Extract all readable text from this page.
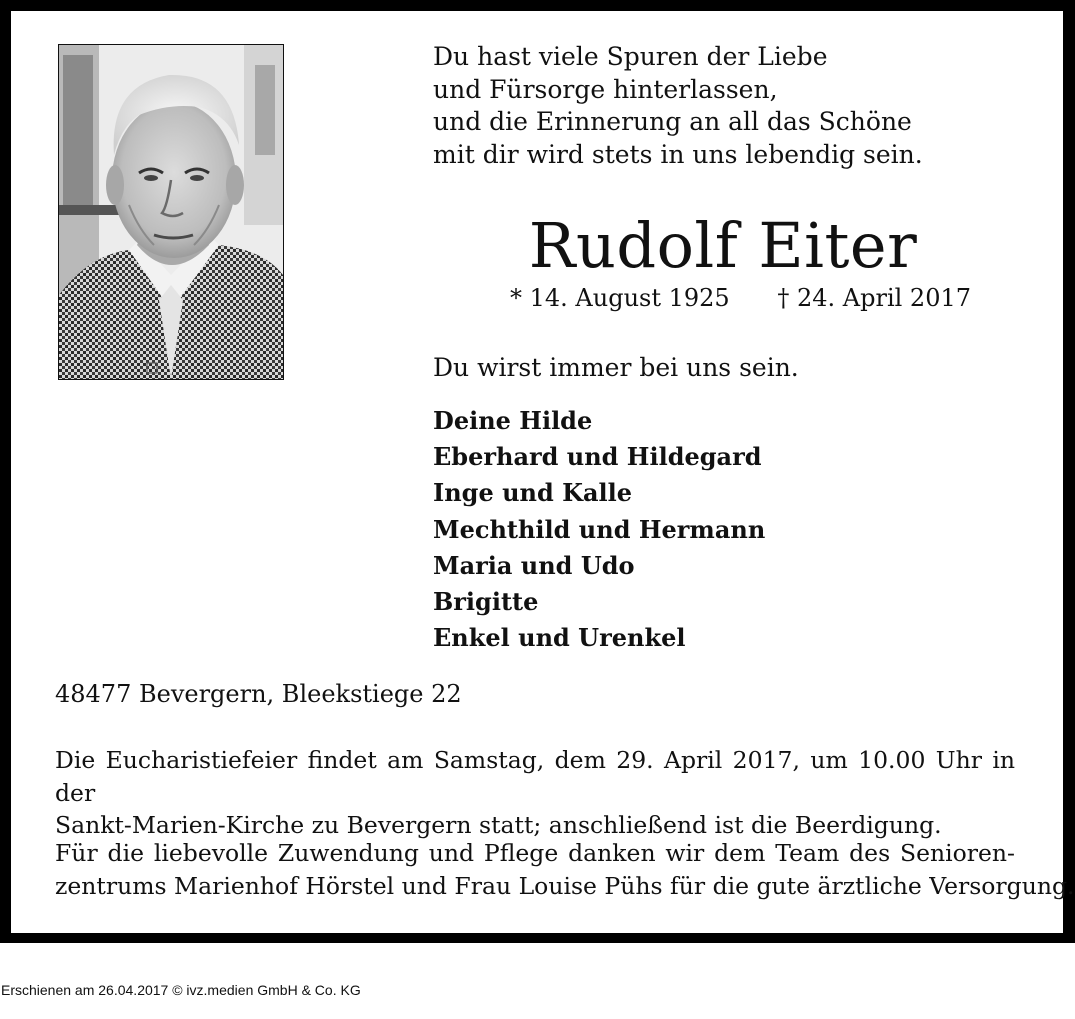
Du hast viele Spuren der Liebe
und Fürsorge hinterlassen,
und die Erinnerung an all das Schöne
mit dir wird stets in uns lebendig sein.
Rudolf Eiter
* 14. August 1925 † 24. April 2017
Du wirst immer bei uns sein.
Deine Hilde
Eberhard und Hildegard
Inge und Kalle
Mechthild und Hermann
Maria und Udo
Brigitte
Enkel und Urenkel
48477 Bevergern, Bleekstiege 22
Die Eucharistiefeier findet am Samstag, dem 29. April 2017, um 10.00 Uhr in der
Sankt-Marien-Kirche zu Bevergern statt; anschließend ist die Beerdigung.
Für die liebevolle Zuwendung und Pflege danken wir dem Team des Senioren-
zentrums Marienhof Hörstel und Frau Louise Pühs für die gute ärztliche Versorgung.
Erschienen am 26.04.2017 © ivz.medien GmbH & Co. KG
